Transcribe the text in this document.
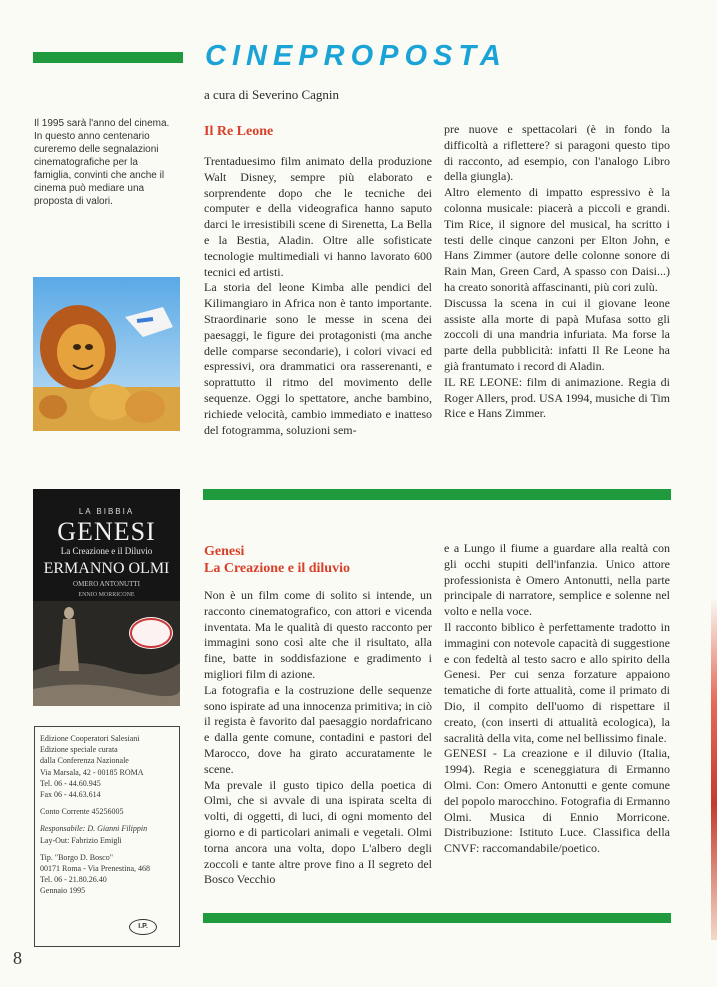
CINEPROPOSTA
a cura di Severino Cagnin
Il 1995 sarà l'anno del cinema. In questo anno centenario cureremo delle segnalazioni cinematografiche per la famiglia, convinti che anche il cinema può mediare una proposta di valori.
Il Re Leone

Trentaduesimo film animato della produzione Walt Disney, sempre più elaborato e sorprendente dopo che le tecniche dei computer e della videografica hanno saputo darci le irresistibili scene di Sirenetta, La Bella e la Bestia, Aladin. Oltre alle sofisticate tecnologie multimediali vi hanno lavorato 600 tecnici ed artisti.

La storia del leone Kimba alle pendici del Kilimangiaro in Africa non è tanto importante. Straordinarie sono le messe in scena dei paesaggi, le figure dei protagonisti (ma anche delle comparse secondarie), i colori vivaci ed espressivi, ora drammatici ora rasserenanti, e soprattutto il ritmo del movimento delle sequenze. Oggi lo spettatore, anche bambino, richiede velocità, cambio immediato e inatteso del fotogramma, soluzioni sem-

pre nuove e spettacolari (è in fondo la difficoltà a riflettere? si paragoni questo tipo di racconto, ad esempio, con l'analogo Libro della giungla).

Altro elemento di impatto espressivo è la colonna musicale: piacerà a piccoli e grandi. Tim Rice, il signore del musical, ha scritto i testi delle cinque canzoni per Elton John, e Hans Zimmer (autore delle colonne sonore di Rain Man, Green Card, A spasso con Daisi...) ha creato sonorità affascinanti, più cori zulù.

Discussa la scena in cui il giovane leone assiste alla morte di papà Mufasa sotto gli zoccoli di una mandria infuriata. Ma forse la parte della pubblicità: infatti Il Re Leone ha già frantumato i record di Aladin.

IL RE LEONE: film di animazione. Regia di Roger Allers, prod. USA 1994, musiche di Tim Rice e Hans Zimmer.

LA BIBBIA
GENESI
La Creazione e il Diluvio
ERMANNO OLMI
OMERO ANTONUTTI
ENNIO MORRICONE
Edizione Cooperatori Salesiani
Edizione speciale curata
dalla Conferenza Nazionale
Via Marsala, 42 - 00185 ROMA
Tel. 06 - 44.60.945
Fax 06 - 44.63.614
Conto Corrente 45256005
Responsabile: D. Gianni Filippin
Lay-Out: Fabrizio Emigli
Tip. "Borgo D. Bosco"
00171 Roma - Via Prenestina, 468
Tel. 06 - 21.80.26.40
Gennaio 1995
I.P.
Genesi
La Creazione e il diluvio

Non è un film come di solito si intende, un racconto cinematografico, con attori e vicenda inventata. Ma le qualità di questo racconto per immagini sono così alte che il risultato, alla fine, batte in soddisfazione e gradimento i migliori film di azione.

La fotografia e la costruzione delle sequenze sono ispirate ad una innocenza primitiva; in ciò il regista è favorito dal paesaggio nordafricano e dalla gente comune, contadini e pastori del Marocco, dove ha girato accuratamente le scene.

Ma prevale il gusto tipico della poetica di Olmi, che si avvale di una ispirata scelta di volti, di oggetti, di luci, di ogni momento del giorno e di particolari animali e vegetali. Olmi torna ancora una volta, dopo L'albero degli zoccoli e tante altre prove fino a Il segreto del Bosco Vecchio

e a Lungo il fiume a guardare alla realtà con gli occhi stupiti dell'infanzia. Unico attore professionista è Omero Antonutti, nella parte principale di narratore, semplice e solenne nel volto e nella voce.

Il racconto biblico è perfettamente tradotto in immagini con notevole capacità di suggestione e con fedeltà al testo sacro e allo spirito della Genesi. Per cui senza forzature appaiono tematiche di forte attualità, come il primato di Dio, il compito dell'uomo di rispettare il creato, (con inserti di attualità ecologica), la sacralità della vita, come nel bellissimo finale.

GENESI - La creazione e il diluvio (Italia, 1994). Regia e sceneggiatura di Ermanno Olmi. Con: Omero Antonutti e gente comune del popolo marocchino. Fotografia di Ermanno Olmi. Musica di Ennio Morricone. Distribuzione: Istituto Luce. Classifica della CNVF: raccomandabile/poetico.

8
